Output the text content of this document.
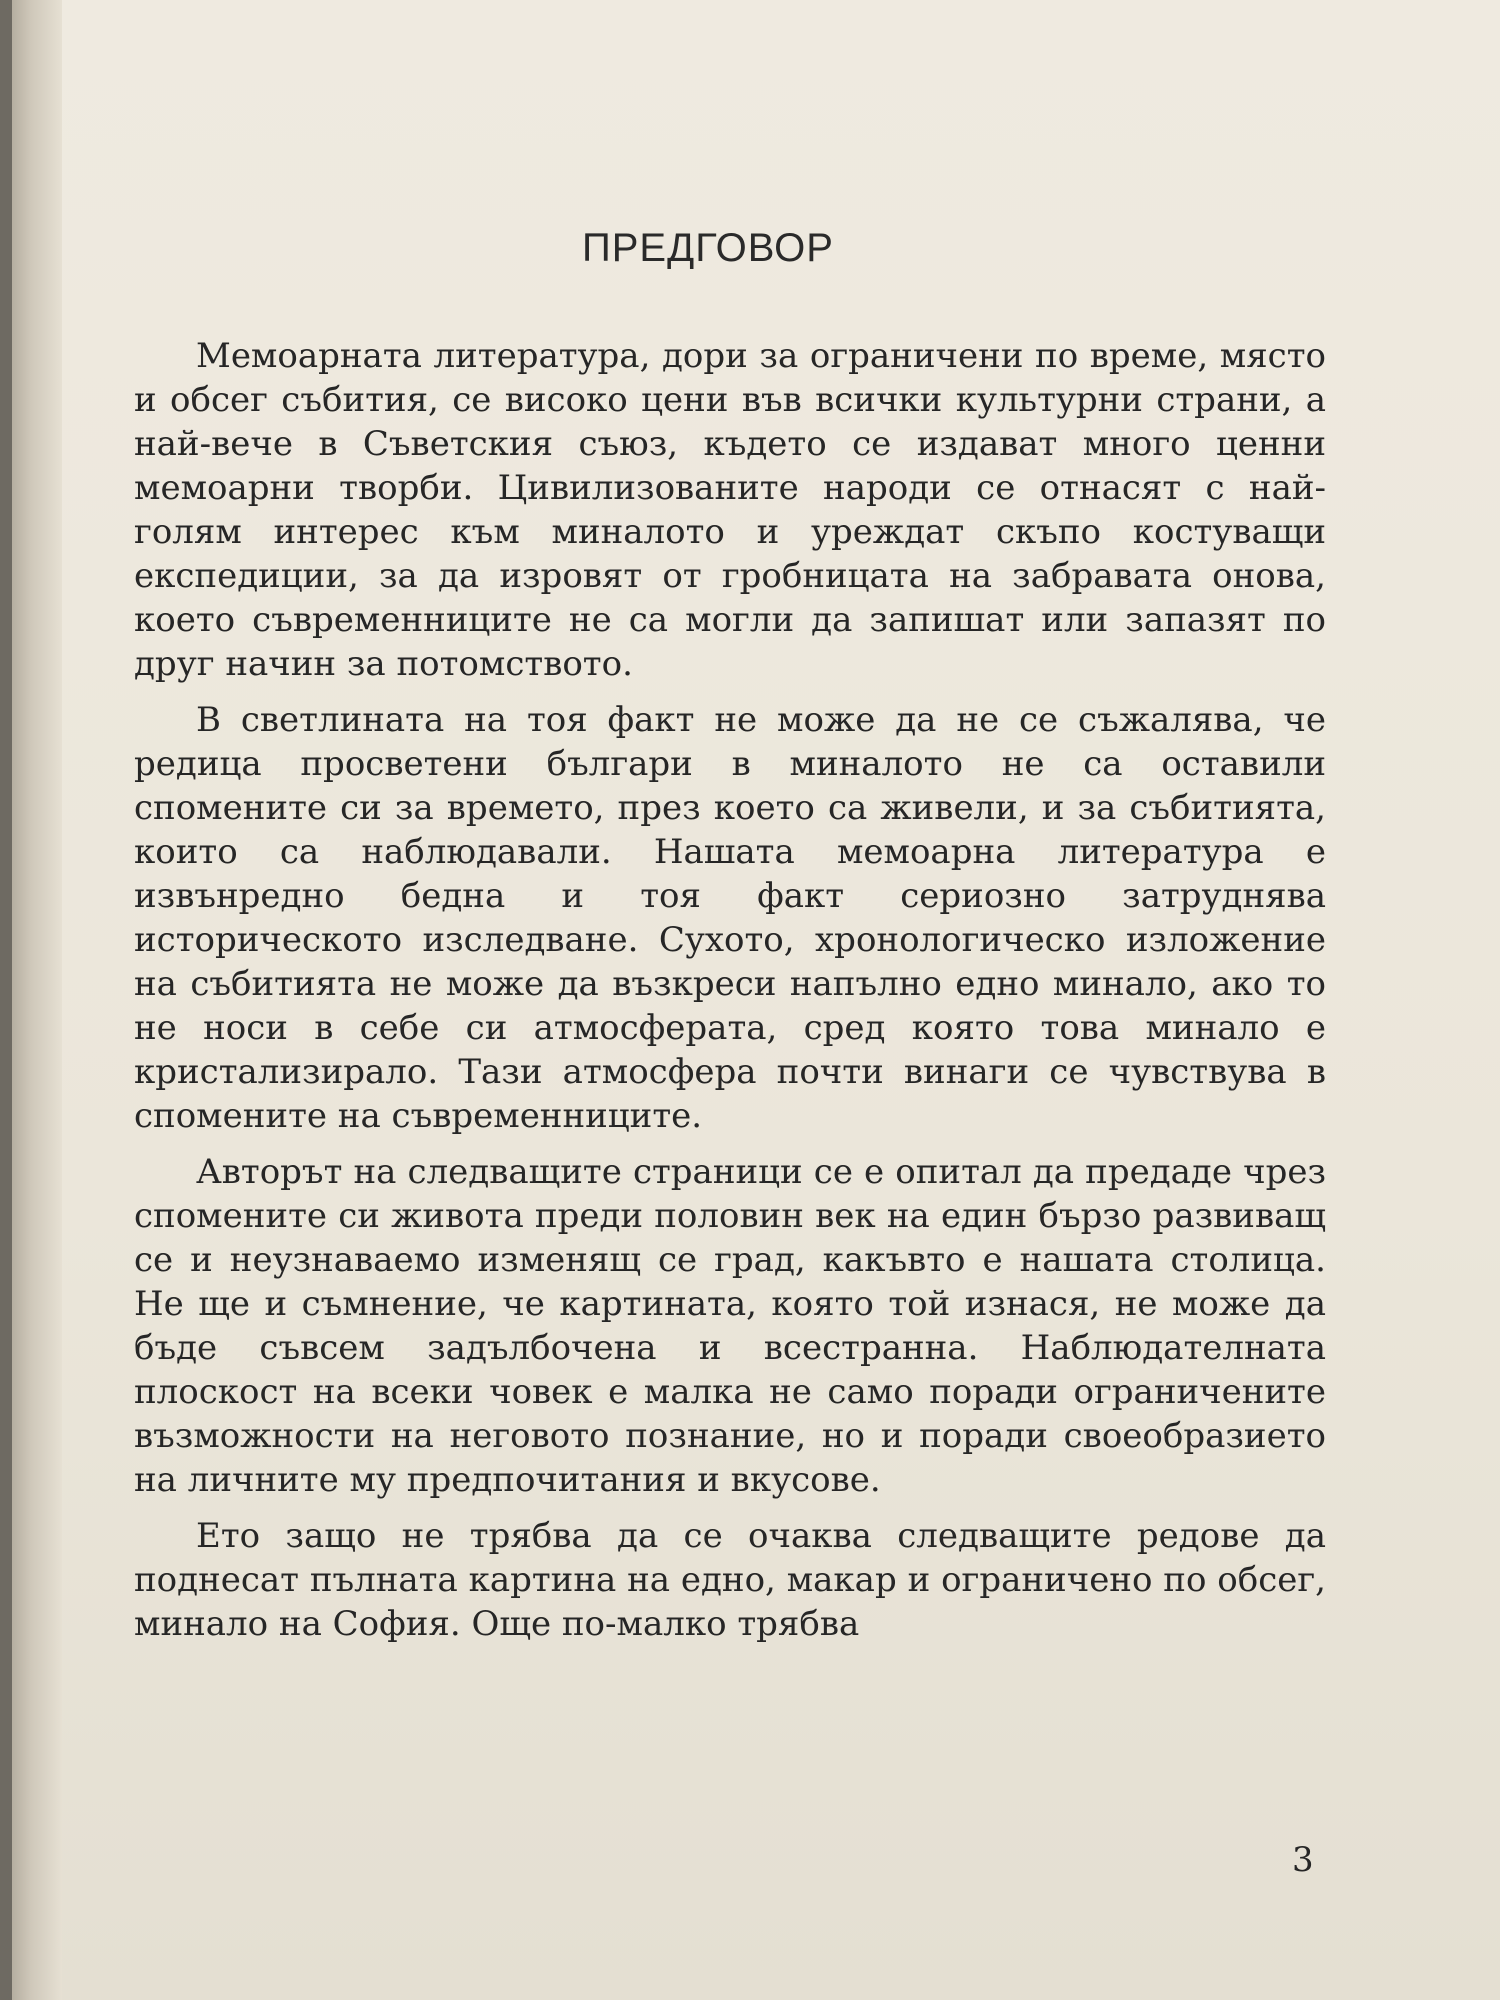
ПРЕДГОВОР

Мемоарната литература, дори за ограничени по време, място и обсег събития, се високо цени във всички культурни страни, а най-вече в Съветския съюз, където се издават много ценни мемоарни творби. Цивилизованите народи се отнасят с най-голям интерес към миналото и уреждат скъпо костуващи експедиции, за да изровят от гробницата на забравата онова, което съвременниците не са могли да запишат или запазят по друг начин за потомството.

В светлината на тоя факт не може да не се съжалява, че редица просветени българи в миналото не са оставили спомените си за времето, през което са живели, и за събитията, които са наблюдавали. Нашата мемоарна литература е извънредно бедна и тоя факт сериозно затруднява историческото изследване. Сухото, хронологическо изложение на събитията не може да възкреси напълно едно минало, ако то не носи в себе си атмосферата, сред която това минало е кристализирало. Тази атмосфера почти винаги се чувствува в спомените на съвременниците.

Авторът на следващите страници се е опитал да предаде чрез спомените си живота преди половин век на един бързо развиващ се и неузнаваемо изменящ се град, какъвто е нашата столица. Не ще и съмнение, че картината, която той изнася, не може да бъде съвсем задълбочена и всестранна. Наблюдателната плоскост на всеки човек е малка не само поради ограничените възможности на неговото познание, но и поради своеобразието на личните му предпочитания и вкусове.

Ето защо не трябва да се очаква следващите редове да поднесат пълната картина на едно, макар и ограничено по обсег, минало на София. Още по-малко трябва

3
